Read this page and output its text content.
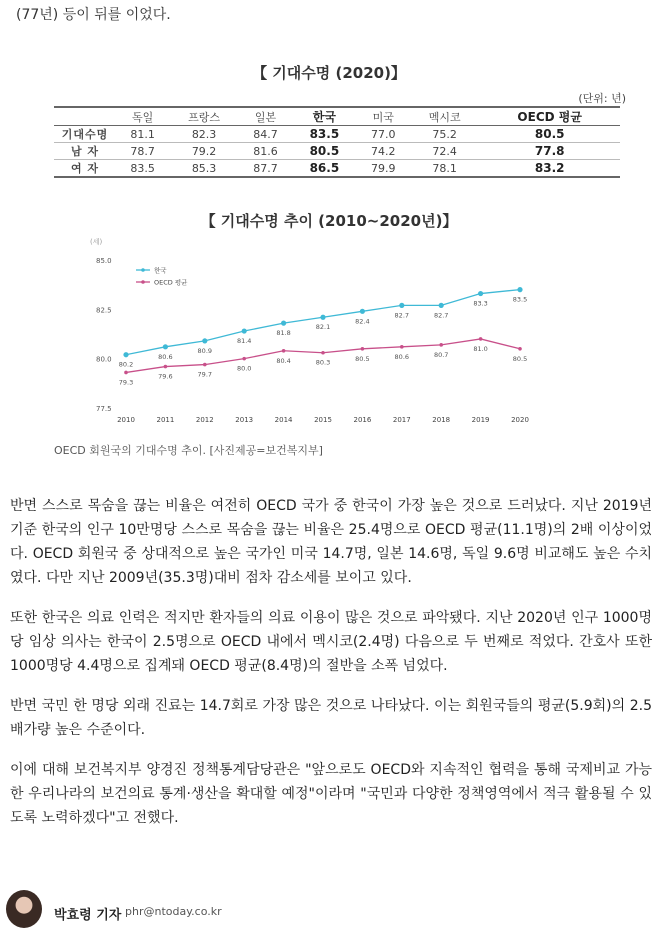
(77년) 등이 뒤를 이었다.
【 기대수명 (2020)】
(단위: 년)
	독일	프랑스	일본	한국	미국	멕시코	OECD 평균
기대수명	81.1	82.3	84.7	83.5	77.0	75.2	80.5
남 자	78.7	79.2	81.6	80.5	74.2	72.4	77.8
여 자	83.5	85.3	87.7	86.5	79.9	78.1	83.2
【 기대수명 추이 (2010~2020년)】
(세)
85.0
82.5
80.0
77.5
2010	2011	2012	2013	2014	2015	2016	2017	2018	2019	2020
80.2
80.6
80.9
81.4
81.8
82.1
82.4
82.7	82.7
83.3	83.5
79.3
79.6	79.7
80.0
80.4	80.3	80.5	80.6	80.7
81.0
80.5
한국
OECD 평균
OECD 회원국의 기대수명 추이. [사진제공=보건복지부]

반면 스스로 목숨을 끊는 비율은 여전히 OECD 국가 중 한국이 가장 높은 것으로 드러났다. 지난 2019년 기준 한국의 인구 10만명당 스스로 목숨을 끊는 비율은 25.4명으로 OECD 평균(11.1명)의 2배 이상이었다. OECD 회원국 중 상대적으로 높은 국가인 미국 14.7명, 일본 14.6명, 독일 9.6명 비교해도 높은 수치였다. 다만 지난 2009년(35.3명)대비 점차 감소세를 보이고 있다.

또한 한국은 의료 인력은 적지만 환자들의 의료 이용이 많은 것으로 파악됐다. 지난 2020년 인구 1000명당 임상 의사는 한국이 2.5명으로 OECD 내에서 멕시코(2.4명) 다음으로 두 번째로 적었다. 간호사 또한 1000명당 4.4명으로 집계돼 OECD 평균(8.4명)의 절반을 소폭 넘었다.

반면 국민 한 명당 외래 진료는 14.7회로 가장 많은 것으로 나타났다. 이는 회원국들의 평균(5.9회)의 2.5배가량 높은 수준이다.

이에 대해 보건복지부 양경진 정책통계담당관은 "앞으로도 OECD와 지속적인 협력을 통해 국제비교 가능한 우리나라의 보건의료 통계·생산을 확대할 예정"이라며 "국민과 다양한 정책영역에서 적극 활용될 수 있도록 노력하겠다"고 전했다.

박효령 기자 phr@ntoday.co.kr
